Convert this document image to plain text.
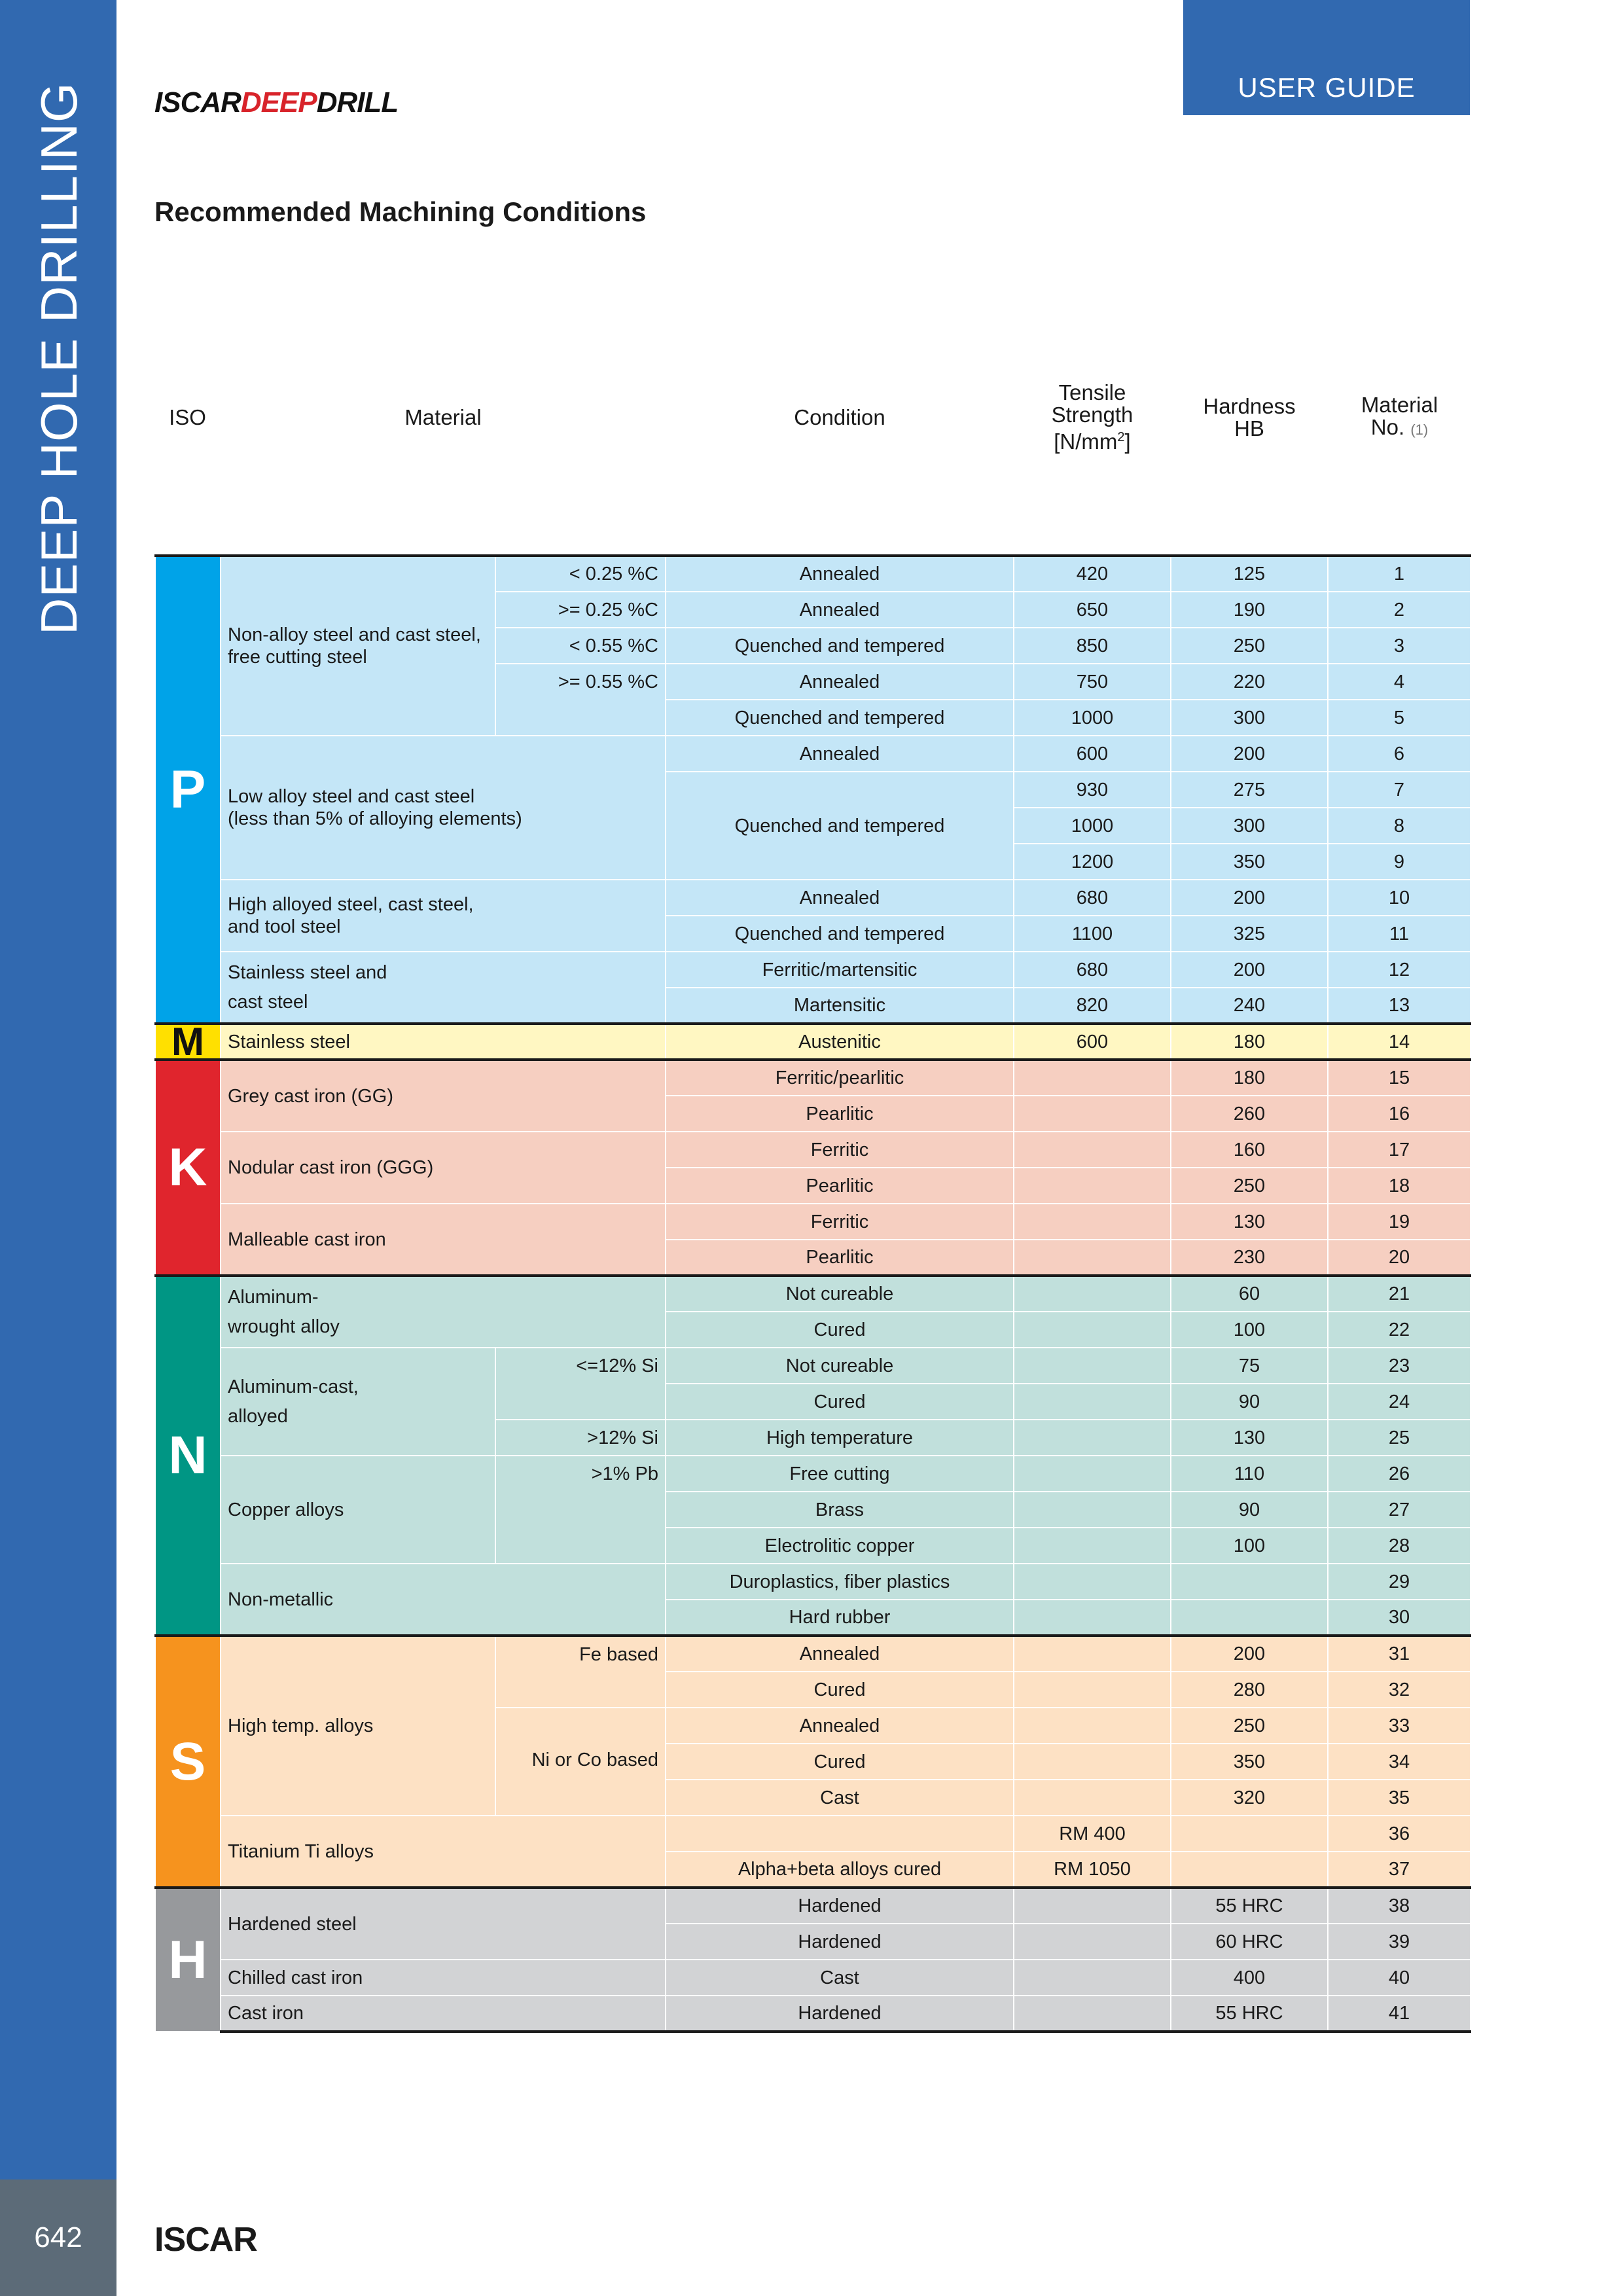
DEEP HOLE DRILLING
642
USER GUIDE
ISCARDEEPDRILL
Recommended Machining Conditions
ISO	Material		Condition	Tensile
Strength
$[N/mm^2]$	Hardness
HB	Material
No. (1)
P	Non-alloy steel and cast steel,
free cutting steel	< 0.25 %C	Annealed	420	125	1
		>= 0.25 %C	Annealed	650	190	2
		< 0.55 %C	Quenched and tempered	850	250	3
		>= 0.55 %C	Annealed	750	220	4
			Quenched and tempered	1000	300	5
	Low alloy steel and cast steel
(less than 5% of alloying elements)		Annealed	600	200	6
			Quenched and tempered	930	275	7
				1000	300	8
				1200	350	9
	High alloyed steel, cast steel,
and tool steel		Annealed	680	200	10
			Quenched and tempered	1100	325	11
	Stainless steel and
cast steel		Ferritic/martensitic	680	200	12
			Martensitic	820	240	13
M	Stainless steel		Austenitic	600	180	14
K	Grey cast iron (GG)		Ferritic/pearlitic		180	15
			Pearlitic		260	16
	Nodular cast iron (GGG)		Ferritic		160	17
			Pearlitic		250	18
	Malleable cast iron		Ferritic		130	19
			Pearlitic		230	20
N	Aluminum-
wrought alloy		Not cureable		60	21
			Cured		100	22
	Aluminum-cast,
alloyed	<=12% Si	Not cureable		75	23
			Cured		90	24
		>12% Si	High temperature		130	25
	Copper alloys	>1% Pb	Free cutting		110	26
			Brass		90	27
			Electrolitic copper		100	28
	Non-metallic		Duroplastics, fiber plastics			29
			Hard rubber			30
S	High temp. alloys	Fe based	Annealed		200	31
			Cured		280	32
		Ni or Co based	Annealed		250	33
			Cured		350	34
			Cast		320	35
	Titanium Ti alloys			RM 400		36
			Alpha+beta alloys cured	RM 1050		37
H	Hardened steel		Hardened		55 HRC	38
			Hardened		60 HRC	39
	Chilled cast iron		Cast		400	40
	Cast iron		Hardened		55 HRC	41
ISCAR
